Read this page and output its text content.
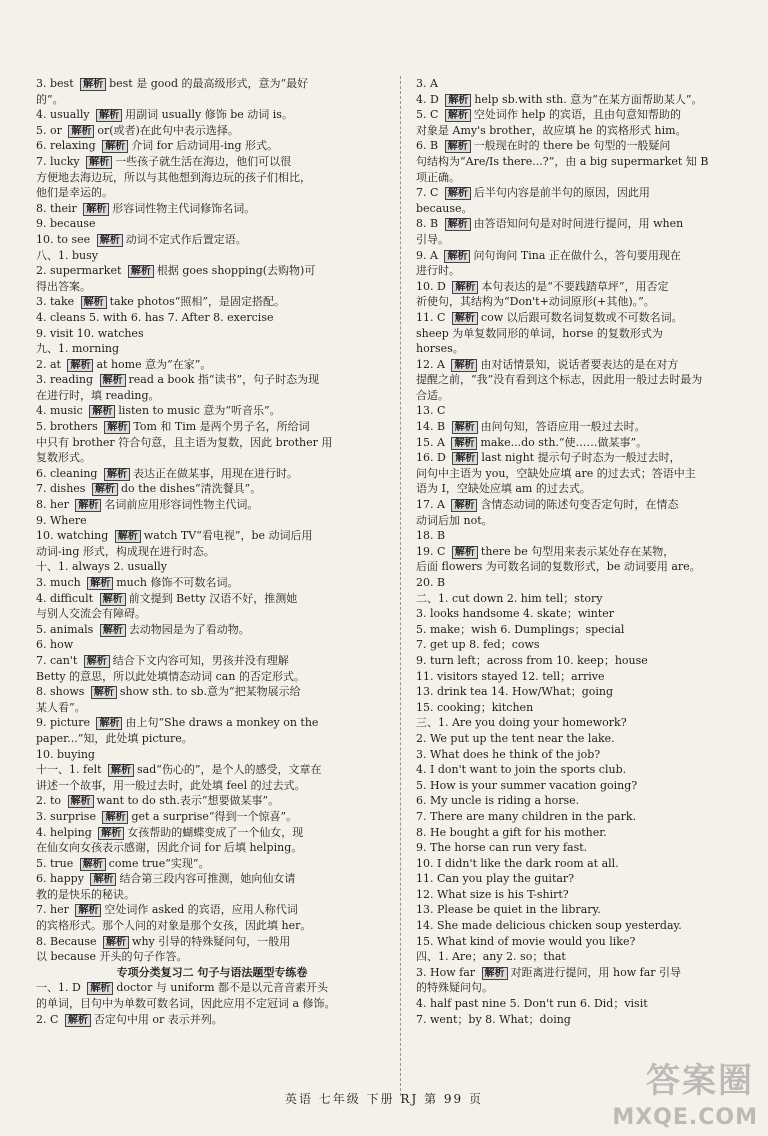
3. best 解析 best 是 good 的最高级形式，意为“最好
的”。
4. usually 解析 用副词 usually 修饰 be 动词 is。
5. or 解析 or(或者)在此句中表示选择。
6. relaxing 解析 介词 for 后动词用-ing 形式。
7. lucky 解析 一些孩子就生活在海边，他们可以很
方便地去海边玩，所以与其他想到海边玩的孩子们相比，
他们是幸运的。
8. their 解析 形容词性物主代词修饰名词。
9. because
10. to see 解析 动词不定式作后置定语。
八、1. busy
2. supermarket 解析 根据 goes shopping(去购物)可
得出答案。
3. take 解析 take photos“照相”，是固定搭配。
4. cleans 5. with 6. has 7. After 8. exercise
9. visit 10. watches
九、1. morning
2. at 解析 at home 意为“在家”。
3. reading 解析 read a book 指“读书”，句子时态为现
在进行时，填 reading。
4. music 解析 listen to music 意为“听音乐”。
5. brothers 解析 Tom 和 Tim 是两个男子名，所给词
中只有 brother 符合句意，且主语为复数，因此 brother 用
复数形式。
6. cleaning 解析 表达正在做某事，用现在进行时。
7. dishes 解析 do the dishes“清洗餐具”。
8. her 解析 名词前应用形容词性物主代词。
9. Where
10. watching 解析 watch TV“看电视”，be 动词后用
动词-ing 形式，构成现在进行时态。
十、1. always 2. usually
3. much 解析 much 修饰不可数名词。
4. difficult 解析 前文提到 Betty 汉语不好，推测她
与别人交流会有障碍。
5. animals 解析 去动物园是为了看动物。
6. how
7. can't 解析 结合下文内容可知，男孩并没有理解
Betty 的意思，所以此处填情态动词 can 的否定形式。
8. shows 解析 show sth. to sb.意为“把某物展示给
某人看”。
9. picture 解析 由上句“She draws a monkey on the
paper...”知，此处填 picture。
10. buying
十一、1. felt 解析 sad“伤心的”，是个人的感受，文章在
讲述一个故事，用一般过去时，此处填 feel 的过去式。
2. to 解析 want to do sth.表示“想要做某事”。
3. surprise 解析 get a surprise“得到一个惊喜”。
4. helping 解析 女孩帮助的蝴蝶变成了一个仙女，现
在仙女向女孩表示感谢，因此介词 for 后填 helping。
5. true 解析 come true“实现”。
6. happy 解析 结合第三段内容可推测，她向仙女请
教的是快乐的秘诀。
7. her 解析 空处词作 asked 的宾语，应用人称代词
的宾格形式。那个人问的对象是那个女孩，因此填 her。
8. Because 解析 why 引导的特殊疑问句，一般用
以 because 开头的句子作答。
专项分类复习二 句子与语法题型专练卷
一、1. D 解析 doctor 与 uniform 都不是以元音音素开头
的单词，目句中为单数可数名词，因此应用不定冠词 a 修饰。
2. C 解析 否定句中用 or 表示并列。
3. A
4. D 解析 help sb.with sth. 意为“在某方面帮助某人”。
5. C 解析 空处词作 help 的宾语，且由句意知帮助的
对象是 Amy's brother，故应填 he 的宾格形式 him。
6. B 解析 一般现在时的 there be 句型的一般疑问
句结构为“Are/Is there...?”，由 a big supermarket 知 B
项正确。
7. C 解析 后半句内容是前半句的原因，因此用
because。
8. B 解析 由答语知问句是对时间进行提问，用 when
引导。
9. A 解析 问句询问 Tina 正在做什么，答句要用现在
进行时。
10. D 解析 本句表达的是“不要践踏草坪”，用否定
祈使句，其结构为“Don't+动词原形(+其他)。”。
11. C 解析 cow 以后跟可数名词复数或不可数名词。
sheep 为单复数同形的单词，horse 的复数形式为
horses。
12. A 解析 由对话情景知，说话者要表达的是在对方
提醒之前，“我”没有看到这个标志，因此用一般过去时最为
合适。
13. C
14. B 解析 由问句知，答语应用一般过去时。
15. A 解析 make...do sth.“使……做某事”。
16. D 解析 last night 提示句子时态为一般过去时，
问句中主语为 you，空缺处应填 are 的过去式；答语中主
语为 I，空缺处应填 am 的过去式。
17. A 解析 含情态动词的陈述句变否定句时，在情态
动词后加 not。
18. B
19. C 解析 there be 句型用来表示某处存在某物，
后面 flowers 为可数名词的复数形式，be 动词要用 are。
20. B
二、1. cut down 2. him tell；story
3. looks handsome 4. skate；winter
5. make；wish 6. Dumplings；special
7. get up 8. fed；cows
9. turn left；across from 10. keep；house
11. visitors stayed 12. tell；arrive
13. drink tea 14. How/What；going
15. cooking；kitchen
三、1. Are you doing your homework?
2. We put up the tent near the lake.
3. What does he think of the job?
4. I don't want to join the sports club.
5. How is your summer vacation going?
6. My uncle is riding a horse.
7. There are many children in the park.
8. He bought a gift for his mother.
9. The horse can run very fast.
10. I didn't like the dark room at all.
11. Can you play the guitar?
12. What size is his T-shirt?
13. Please be quiet in the library.
14. She made delicious chicken soup yesterday.
15. What kind of movie would you like?
四、1. Are；any 2. so；that
3. How far 解析 对距离进行提问，用 how far 引导
的特殊疑问句。
4. half past nine 5. Don't run 6. Did；visit
7. went；by 8. What；doing
英语 七年级 下册 RJ 第 99 页	答案圈
MXQE.COM
